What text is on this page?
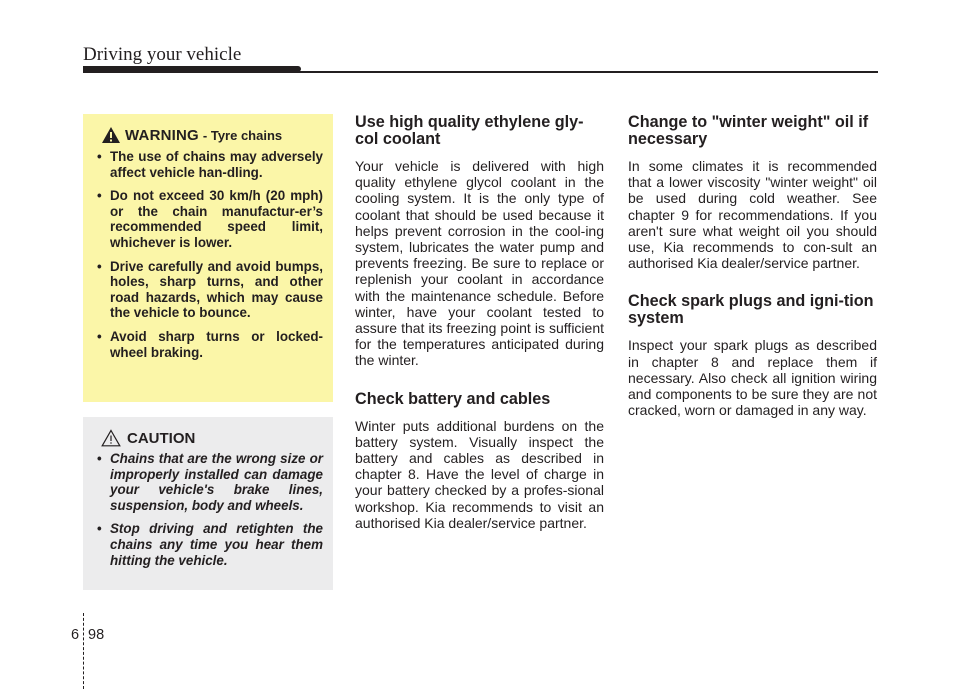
Driving your vehicle
WARNING - Tyre chains
• The use of chains may adversely affect vehicle han-dling.
• Do not exceed 30 km/h (20 mph) or the chain manufactur-er’s recommended speed limit, whichever is lower.
• Drive carefully and avoid bumps, holes, sharp turns, and other road hazards, which may cause the vehicle to bounce.
• Avoid sharp turns or locked-wheel braking.
CAUTION
• Chains that are the wrong size or improperly installed can damage your vehicle's brake lines, suspension, body and wheels.
• Stop driving and retighten the chains any time you hear them hitting the vehicle.
Use high quality ethylene gly-col coolant
Your vehicle is delivered with high quality ethylene glycol coolant in the cooling system. It is the only type of coolant that should be used because it helps prevent corrosion in the cool-ing system, lubricates the water pump and prevents freezing. Be sure to replace or replenish your coolant in accordance with the maintenance schedule. Before winter, have your coolant tested to assure that its freezing point is sufficient for the temperatures anticipated during the winter.
Check battery and cables
Winter puts additional burdens on the battery system. Visually inspect the battery and cables as described in chapter 8. Have the level of charge in your battery checked by a profes-sional workshop. Kia recommends to visit an authorised Kia dealer/service partner.
Change to "winter weight" oil if necessary
In some climates it is recommended that a lower viscosity "winter weight" oil be used during cold weather. See chapter 9 for recommendations. If you aren't sure what weight oil you should use, Kia recommends to con-sult an authorised Kia dealer/service partner.
Check spark plugs and igni-tion system
Inspect your spark plugs as described in chapter 8 and replace them if necessary. Also check all ignition wiring and components to be sure they are not cracked, worn or damaged in any way.
6 98
